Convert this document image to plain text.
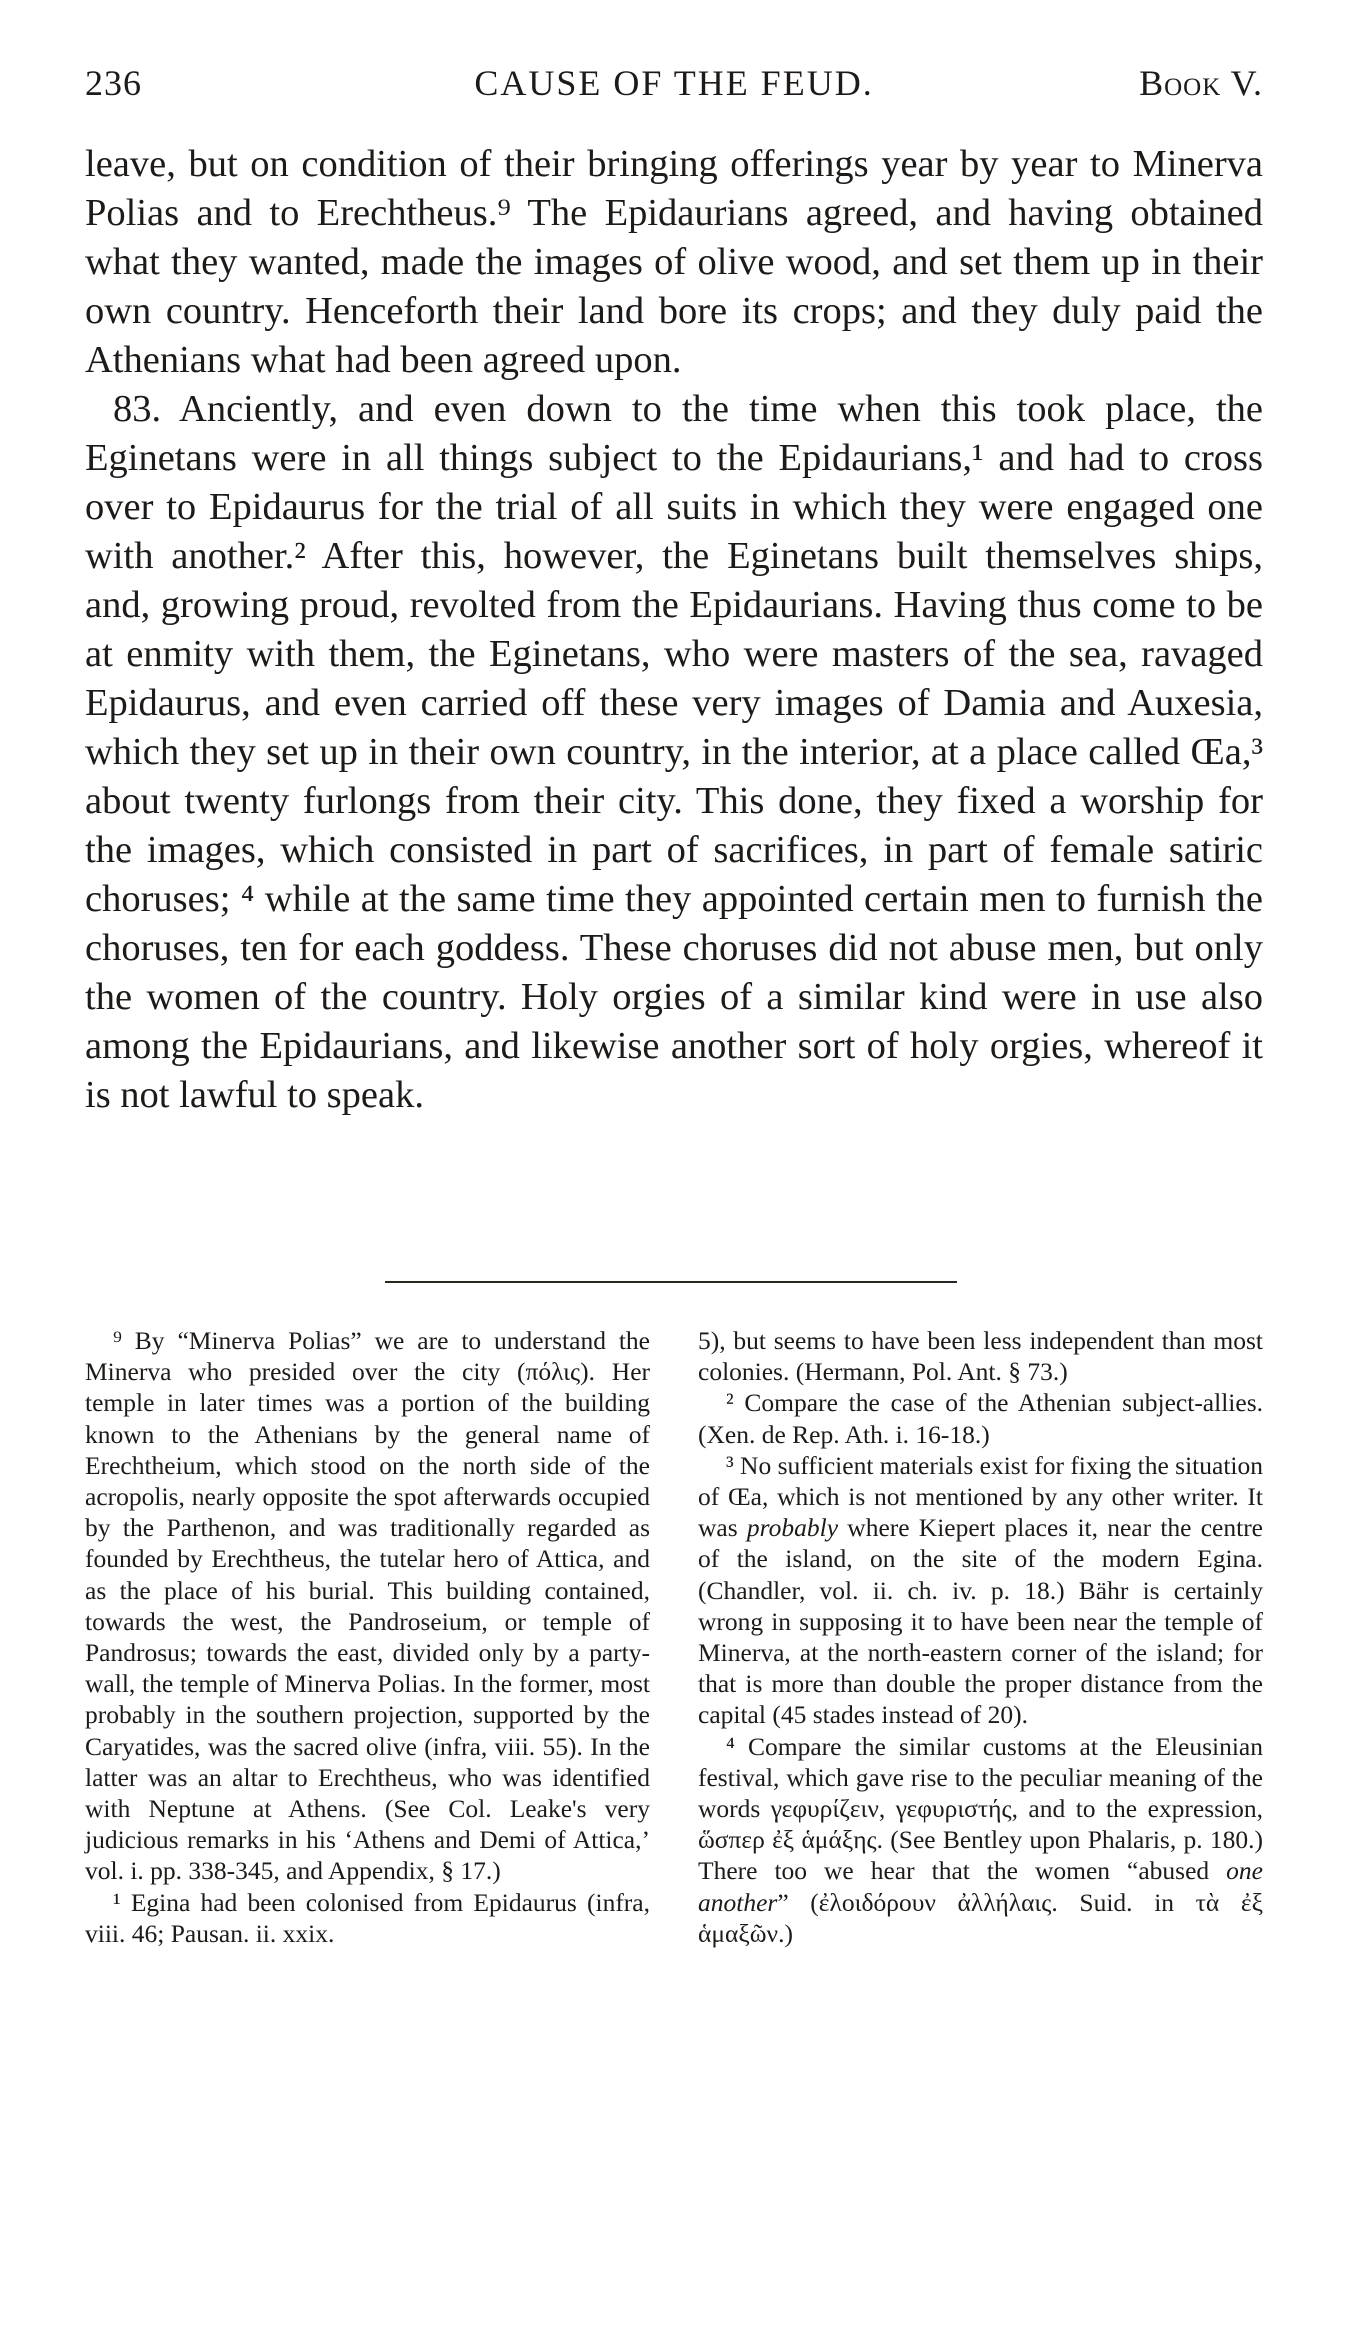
236	CAUSE OF THE FEUD.	Book V.

leave, but on condition of their bringing offerings year by year to Minerva Polias and to Erechtheus.⁹ The Epidaurians agreed, and having obtained what they wanted, made the images of olive wood, and set them up in their own country. Henceforth their land bore its crops; and they duly paid the Athenians what had been agreed upon.

83. Anciently, and even down to the time when this took place, the Eginetans were in all things subject to the Epidaurians,¹ and had to cross over to Epidaurus for the trial of all suits in which they were engaged one with another.² After this, however, the Eginetans built themselves ships, and, growing proud, revolted from the Epidaurians. Having thus come to be at enmity with them, the Eginetans, who were masters of the sea, ravaged Epidaurus, and even carried off these very images of Damia and Auxesia, which they set up in their own country, in the interior, at a place called Œa,³ about twenty furlongs from their city. This done, they fixed a worship for the images, which consisted in part of sacrifices, in part of female satiric choruses; ⁴ while at the same time they appointed certain men to furnish the choruses, ten for each goddess. These choruses did not abuse men, but only the women of the country. Holy orgies of a similar kind were in use also among the Epidaurians, and likewise another sort of holy orgies, whereof it is not lawful to speak.

⁹ By “Minerva Polias” we are to understand the Minerva who presided over the city (πόλις). Her temple in later times was a portion of the building known to the Athenians by the general name of Erechtheium, which stood on the north side of the acropolis, nearly opposite the spot afterwards occupied by the Parthenon, and was traditionally regarded as founded by Erechtheus, the tutelar hero of Attica, and as the place of his burial. This building contained, towards the west, the Pandroseium, or temple of Pandrosus; towards the east, divided only by a party-wall, the temple of Minerva Polias. In the former, most probably in the southern projection, supported by the Caryatides, was the sacred olive (infra, viii. 55). In the latter was an altar to Erechtheus, who was identified with Neptune at Athens. (See Col. Leake's very judicious remarks in his ‘Athens and Demi of Attica,’ vol. i. pp. 338-345, and Appendix, § 17.)

¹ Egina had been colonised from Epidaurus (infra, viii. 46; Pausan. ii. xxix.

5), but seems to have been less independent than most colonies. (Hermann, Pol. Ant. § 73.)

² Compare the case of the Athenian subject-allies. (Xen. de Rep. Ath. i. 16-18.)

³ No sufficient materials exist for fixing the situation of Œa, which is not mentioned by any other writer. It was probably where Kiepert places it, near the centre of the island, on the site of the modern Egina. (Chandler, vol. ii. ch. iv. p. 18.) Bähr is certainly wrong in supposing it to have been near the temple of Minerva, at the north-eastern corner of the island; for that is more than double the proper distance from the capital (45 stades instead of 20).

⁴ Compare the similar customs at the Eleusinian festival, which gave rise to the peculiar meaning of the words γεφυρίζειν, γεφυριστής, and to the expression, ὥσπερ ἐξ ἁμάξης. (See Bentley upon Phalaris, p. 180.) There too we hear that the women “abused one another” (ἐλοιδόρουν ἀλλήλαις. Suid. in τὰ ἐξ ἁμαξῶν.)
